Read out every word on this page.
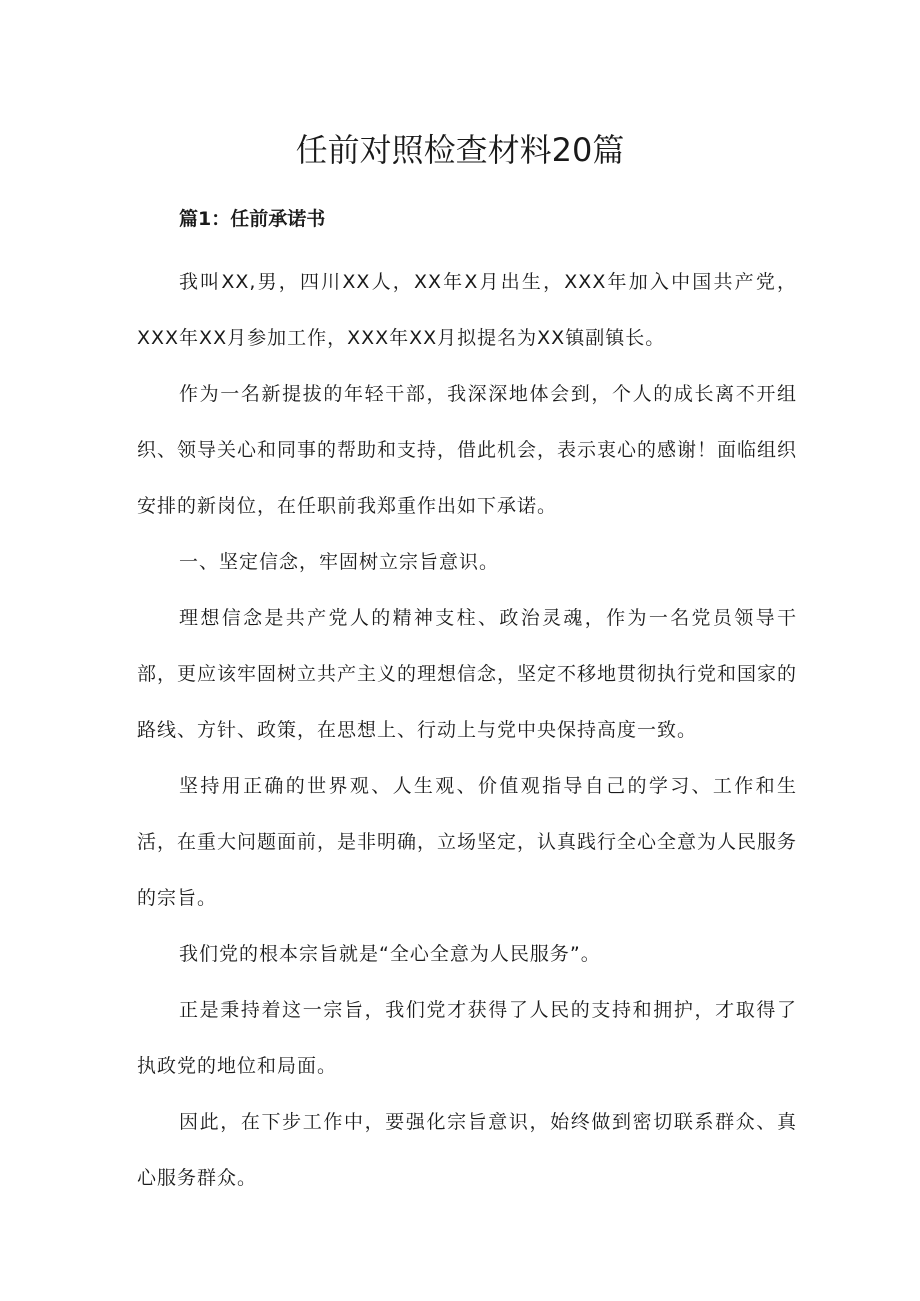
任前对照检查材料20篇

篇1：任前承诺书

我叫XX,男，四川XX人，XX年X月出生，XXX年加入中国共产党，XXX年XX月参加工作，XXX年XX月拟提名为XX镇副镇长。

作为一名新提拔的年轻干部，我深深地体会到，个人的成长离不开组织、领导关心和同事的帮助和支持，借此机会，表示衷心的感谢！面临组织安排的新岗位，在任职前我郑重作出如下承诺。

一、坚定信念，牢固树立宗旨意识。

理想信念是共产党人的精神支柱、政治灵魂，作为一名党员领导干部，更应该牢固树立共产主义的理想信念，坚定不移地贯彻执行党和国家的路线、方针、政策，在思想上、行动上与党中央保持高度一致。

坚持用正确的世界观、人生观、价值观指导自己的学习、工作和生活，在重大问题面前，是非明确，立场坚定，认真践行全心全意为人民服务的宗旨。

我们党的根本宗旨就是“全心全意为人民服务”。

正是秉持着这一宗旨，我们党才获得了人民的支持和拥护，才取得了执政党的地位和局面。

因此，在下步工作中，要强化宗旨意识，始终做到密切联系群众、真心服务群众。
